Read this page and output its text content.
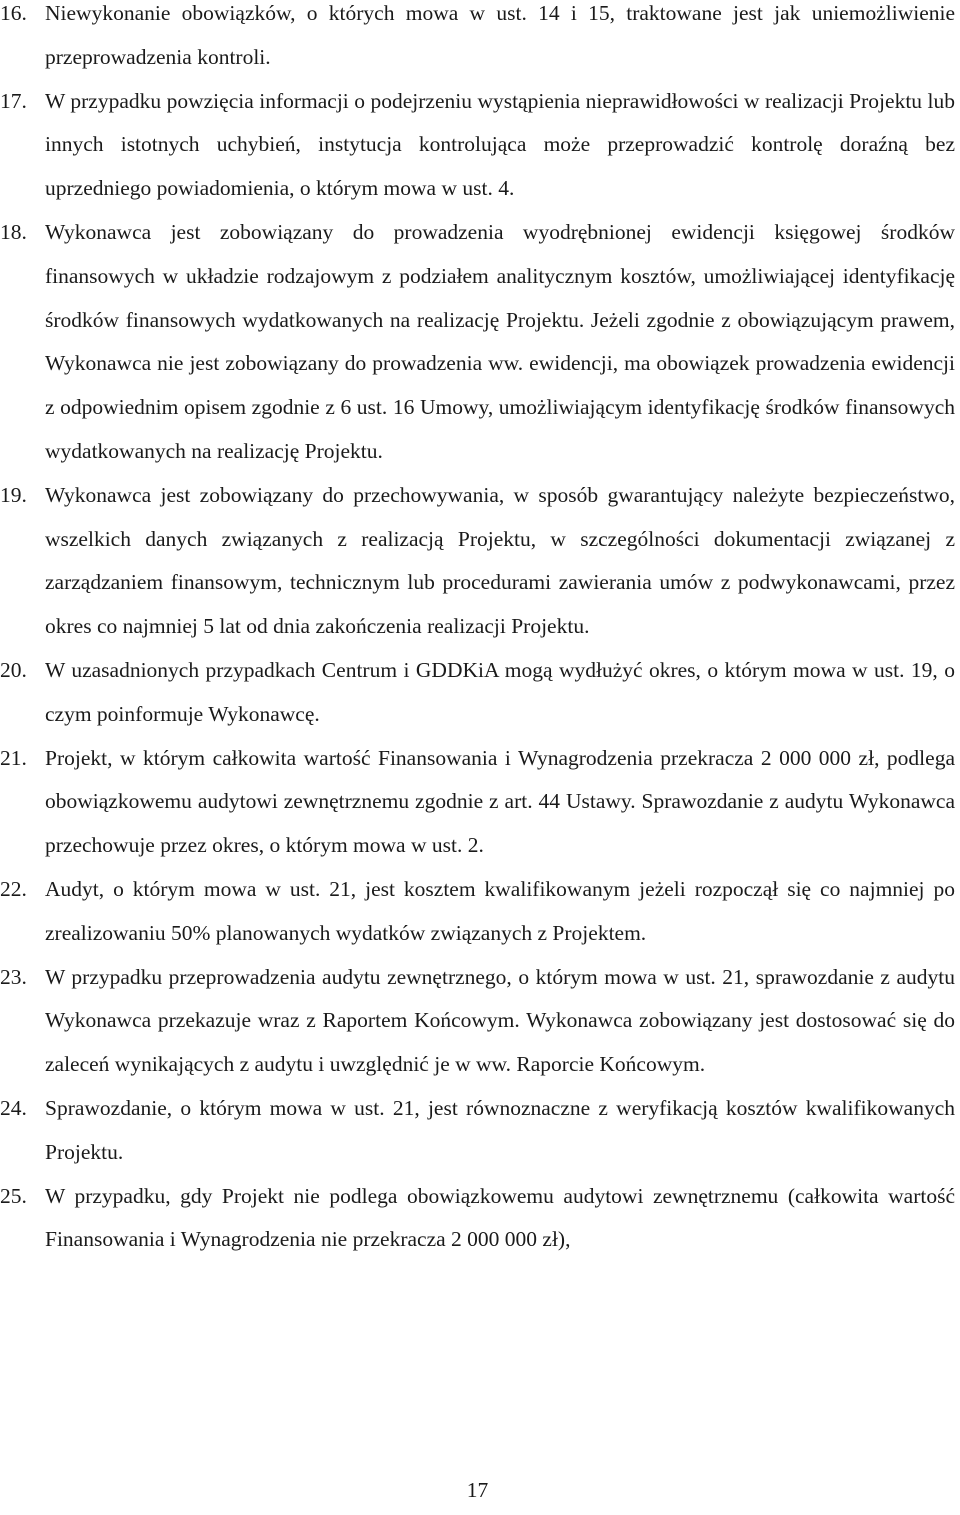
16. Niewykonanie obowiązków, o których mowa w ust. 14 i 15, traktowane jest jak uniemożliwienie przeprowadzenia kontroli.
17. W przypadku powzięcia informacji o podejrzeniu wystąpienia nieprawidłowości w realizacji Projektu lub innych istotnych uchybień, instytucja kontrolująca może przeprowadzić kontrolę doraźną bez uprzedniego powiadomienia, o którym mowa w ust. 4.
18. Wykonawca jest zobowiązany do prowadzenia wyodrębnionej ewidencji księgowej środków finansowych w układzie rodzajowym z podziałem analitycznym kosztów, umożliwiającej identyfikację środków finansowych wydatkowanych na realizację Projektu. Jeżeli zgodnie z obowiązującym prawem, Wykonawca nie jest zobowiązany do prowadzenia ww. ewidencji, ma obowiązek prowadzenia ewidencji z odpowiednim opisem zgodnie z 6 ust. 16 Umowy, umożliwiającym identyfikację środków finansowych wydatkowanych na realizację Projektu.
19. Wykonawca jest zobowiązany do przechowywania, w sposób gwarantujący należyte bezpieczeństwo, wszelkich danych związanych z realizacją Projektu, w szczególności dokumentacji związanej z zarządzaniem finansowym, technicznym lub procedurami zawierania umów z podwykonawcami, przez okres co najmniej 5 lat od dnia zakończenia realizacji Projektu.
20. W uzasadnionych przypadkach Centrum i GDDKiA mogą wydłużyć okres, o którym mowa w ust. 19, o czym poinformuje Wykonawcę.
21. Projekt, w którym całkowita wartość Finansowania i Wynagrodzenia przekracza 2 000 000 zł, podlega obowiązkowemu audytowi zewnętrznemu zgodnie z art. 44 Ustawy. Sprawozdanie z audytu Wykonawca przechowuje przez okres, o którym mowa w ust. 2.
22. Audyt, o którym mowa w ust. 21, jest kosztem kwalifikowanym jeżeli rozpoczął się co najmniej po zrealizowaniu 50% planowanych wydatków związanych z Projektem.
23. W przypadku przeprowadzenia audytu zewnętrznego, o którym mowa w ust. 21, sprawozdanie z audytu Wykonawca przekazuje wraz z Raportem Końcowym. Wykonawca zobowiązany jest dostosować się do zaleceń wynikających z audytu i uwzględnić je w ww. Raporcie Końcowym.
24. Sprawozdanie, o którym mowa w ust. 21, jest równoznaczne z weryfikacją kosztów kwalifikowanych Projektu.
25. W przypadku, gdy Projekt nie podlega obowiązkowemu audytowi zewnętrznemu (całkowita wartość Finansowania i Wynagrodzenia nie przekracza 2 000 000 zł),
17
